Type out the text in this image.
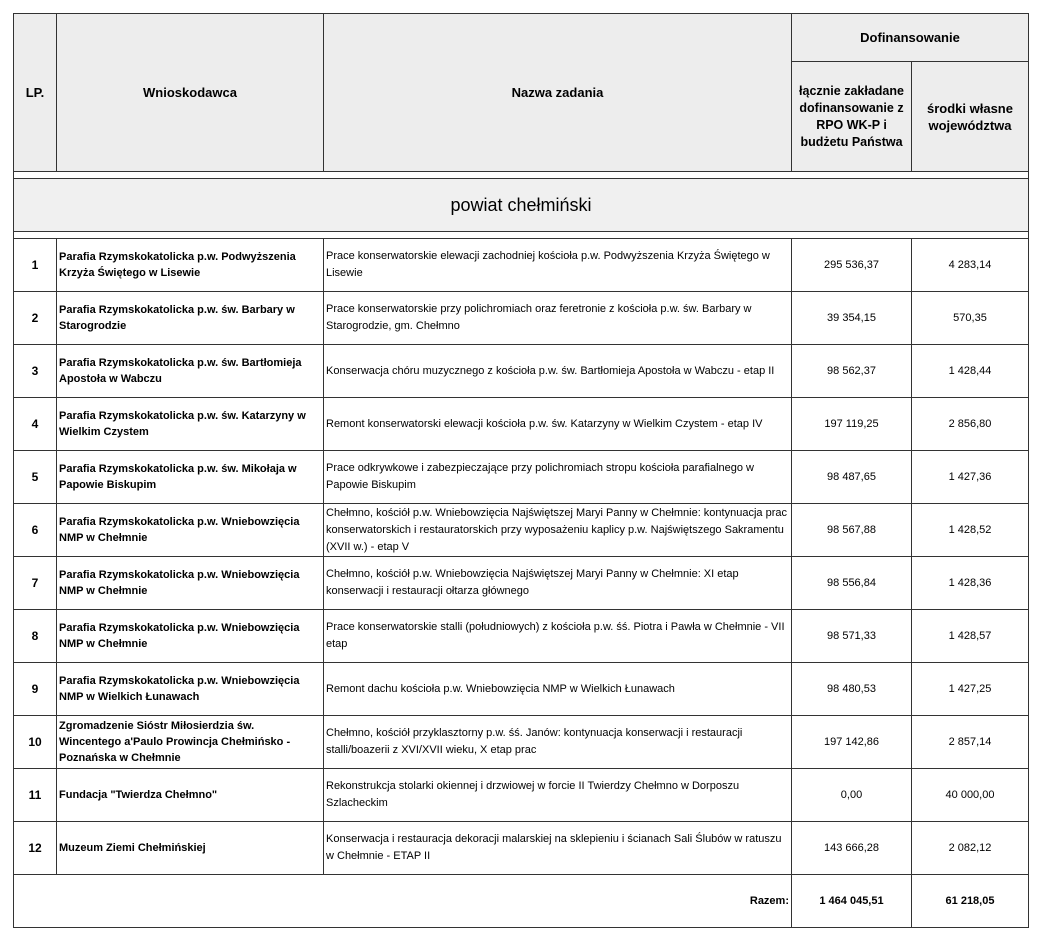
LP.	Wnioskodawca	Nazwa zadania	Dofinansowanie	
			łącznie zakładane dofinansowanie z RPO WK-P i budżetu Państwa	środki własne województwa

powiat chełmiński				

1	Parafia Rzymskokatolicka p.w. Podwyższenia Krzyża Świętego w Lisewie	Prace konserwatorskie elewacji zachodniej kościoła p.w. Podwyższenia Krzyża Świętego w Lisewie	295 536,37	4 283,14
2	Parafia Rzymskokatolicka p.w. św. Barbary w Starogrodzie	Prace konserwatorskie przy polichromiach oraz feretronie z kościoła p.w. św. Barbary w Starogrodzie, gm. Chełmno	39 354,15	570,35
3	Parafia Rzymskokatolicka p.w. św. Bartłomieja Apostoła w Wabczu	Konserwacja chóru muzycznego z kościoła p.w. św. Bartłomieja Apostoła w Wabczu - etap II	98 562,37	1 428,44
4	Parafia Rzymskokatolicka p.w. św. Katarzyny w Wielkim Czystem	Remont konserwatorski elewacji kościoła p.w. św. Katarzyny w Wielkim Czystem - etap IV	197 119,25	2 856,80
5	Parafia Rzymskokatolicka p.w. św. Mikołaja w Papowie Biskupim	Prace odkrywkowe i zabezpieczające przy polichromiach stropu kościoła parafialnego w Papowie Biskupim	98 487,65	1 427,36
6	Parafia Rzymskokatolicka p.w. Wniebowzięcia NMP w Chełmnie	Chełmno, kościół p.w. Wniebowzięcia Najświętszej Maryi Panny w Chełmnie: kontynuacja prac konserwatorskich i restauratorskich przy wyposażeniu kaplicy p.w. Najświętszego Sakramentu (XVII w.) - etap V	98 567,88	1 428,52
7	Parafia Rzymskokatolicka p.w. Wniebowzięcia NMP w Chełmnie	Chełmno, kościół p.w. Wniebowzięcia Najświętszej Maryi Panny w Chełmnie: XI etap konserwacji i restauracji ołtarza głównego	98 556,84	1 428,36
8	Parafia Rzymskokatolicka p.w. Wniebowzięcia NMP w Chełmnie	Prace konserwatorskie stalli (południowych) z kościoła p.w. śś. Piotra i Pawła w Chełmnie - VII etap	98 571,33	1 428,57
9	Parafia Rzymskokatolicka p.w. Wniebowzięcia NMP w Wielkich Łunawach	Remont dachu kościoła p.w. Wniebowzięcia NMP w Wielkich Łunawach	98 480,53	1 427,25
10	Zgromadzenie Sióstr Miłosierdzia św. Wincentego a'Paulo Prowincja Chełmińsko - Poznańska w Chełmnie	Chełmno, kościół przyklasztorny p.w. śś. Janów: kontynuacja konserwacji i restauracji stalli/boazerii z XVI/XVII wieku, X etap prac	197 142,86	2 857,14
11	Fundacja "Twierdza Chełmno"	Rekonstrukcja stolarki okiennej i drzwiowej w forcie II Twierdzy Chełmno w Dorposzu Szlacheckim	0,00	40 000,00
12	Muzeum Ziemi Chełmińskiej	Konserwacja i restauracja dekoracji malarskiej na sklepieniu i ścianach Sali Ślubów w ratuszu w Chełmnie - ETAP II	143 666,28	2 082,12
Razem:			1 464 045,51	61 218,05
